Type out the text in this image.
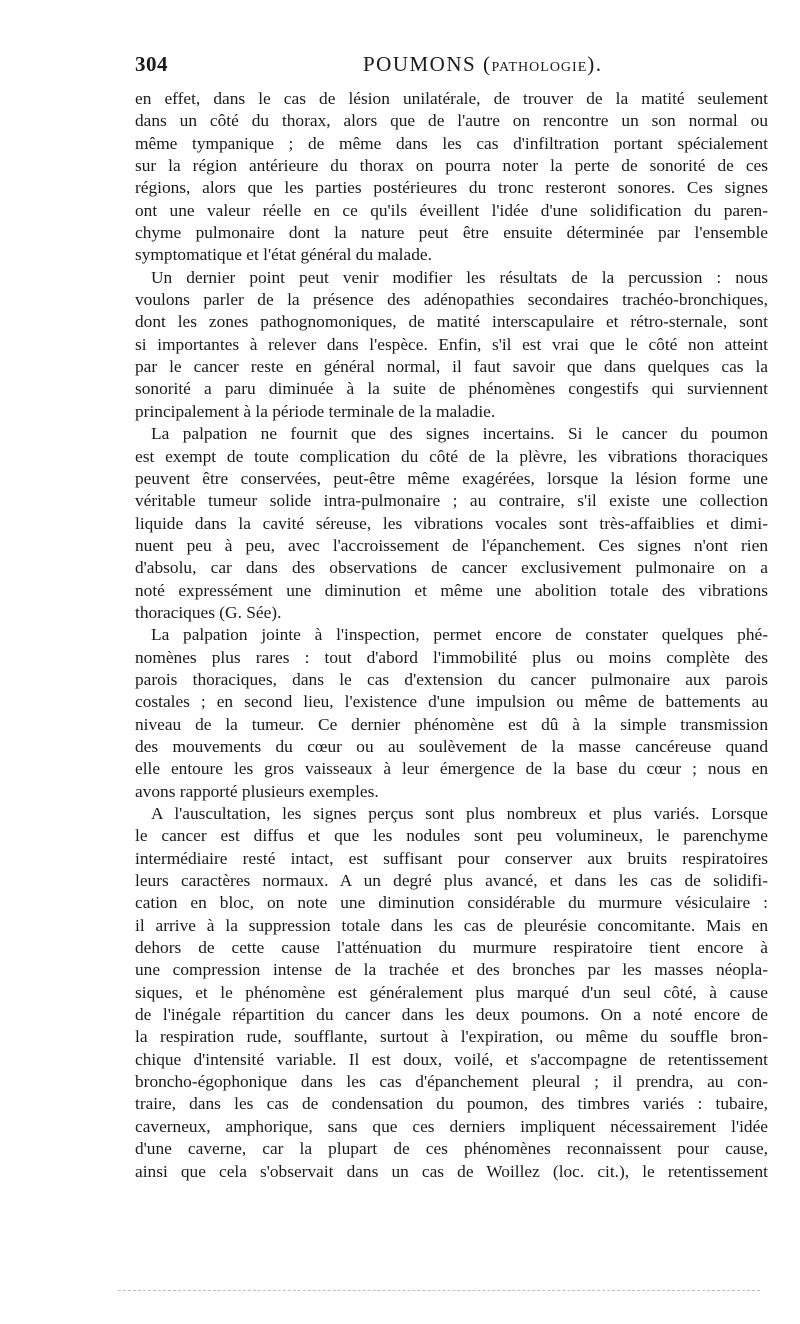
304	POUMONS (PATHOLOGIE).
en effet, dans le cas de lésion unilatérale, de trouver de la matité seulement
dans un côté du thorax, alors que de l'autre on rencontre un son normal ou
même tympanique ; de même dans les cas d'infiltration portant spécialement
sur la région antérieure du thorax on pourra noter la perte de sonorité de ces
régions, alors que les parties postérieures du tronc resteront sonores. Ces signes
ont une valeur réelle en ce qu'ils éveillent l'idée d'une solidification du paren-
chyme pulmonaire dont la nature peut être ensuite déterminée par l'ensemble
symptomatique et l'état général du malade.
Un dernier point peut venir modifier les résultats de la percussion : nous
voulons parler de la présence des adénopathies secondaires trachéo-bronchiques,
dont les zones pathognomoniques, de matité interscapulaire et rétro-sternale, sont
si importantes à relever dans l'espèce. Enfin, s'il est vrai que le côté non atteint
par le cancer reste en général normal, il faut savoir que dans quelques cas la
sonorité a paru diminuée à la suite de phénomènes congestifs qui surviennent
principalement à la période terminale de la maladie.
La palpation ne fournit que des signes incertains. Si le cancer du poumon
est exempt de toute complication du côté de la plèvre, les vibrations thoraciques
peuvent être conservées, peut-être même exagérées, lorsque la lésion forme une
véritable tumeur solide intra-pulmonaire ; au contraire, s'il existe une collection
liquide dans la cavité séreuse, les vibrations vocales sont très-affaiblies et dimi-
nuent peu à peu, avec l'accroissement de l'épanchement. Ces signes n'ont rien
d'absolu, car dans des observations de cancer exclusivement pulmonaire on a
noté expressément une diminution et même une abolition totale des vibrations
thoraciques (G. Sée).
La palpation jointe à l'inspection, permet encore de constater quelques phé-
nomènes plus rares : tout d'abord l'immobilité plus ou moins complète des
parois thoraciques, dans le cas d'extension du cancer pulmonaire aux parois
costales ; en second lieu, l'existence d'une impulsion ou même de battements au
niveau de la tumeur. Ce dernier phénomène est dû à la simple transmission
des mouvements du cœur ou au soulèvement de la masse cancéreuse quand
elle entoure les gros vaisseaux à leur émergence de la base du cœur ; nous en
avons rapporté plusieurs exemples.
A l'auscultation, les signes perçus sont plus nombreux et plus variés. Lorsque
le cancer est diffus et que les nodules sont peu volumineux, le parenchyme
intermédiaire resté intact, est suffisant pour conserver aux bruits respiratoires
leurs caractères normaux. A un degré plus avancé, et dans les cas de solidifi-
cation en bloc, on note une diminution considérable du murmure vésiculaire :
il arrive à la suppression totale dans les cas de pleurésie concomitante. Mais en
dehors de cette cause l'atténuation du murmure respiratoire tient encore à
une compression intense de la trachée et des bronches par les masses néopla-
siques, et le phénomène est généralement plus marqué d'un seul côté, à cause
de l'inégale répartition du cancer dans les deux poumons. On a noté encore de
la respiration rude, soufflante, surtout à l'expiration, ou même du souffle bron-
chique d'intensité variable. Il est doux, voilé, et s'accompagne de retentissement
broncho-égophonique dans les cas d'épanchement pleural ; il prendra, au con-
traire, dans les cas de condensation du poumon, des timbres variés : tubaire,
caverneux, amphorique, sans que ces derniers impliquent nécessairement l'idée
d'une caverne, car la plupart de ces phénomènes reconnaissent pour cause,
ainsi que cela s'observait dans un cas de Woillez (loc. cit.), le retentissement
